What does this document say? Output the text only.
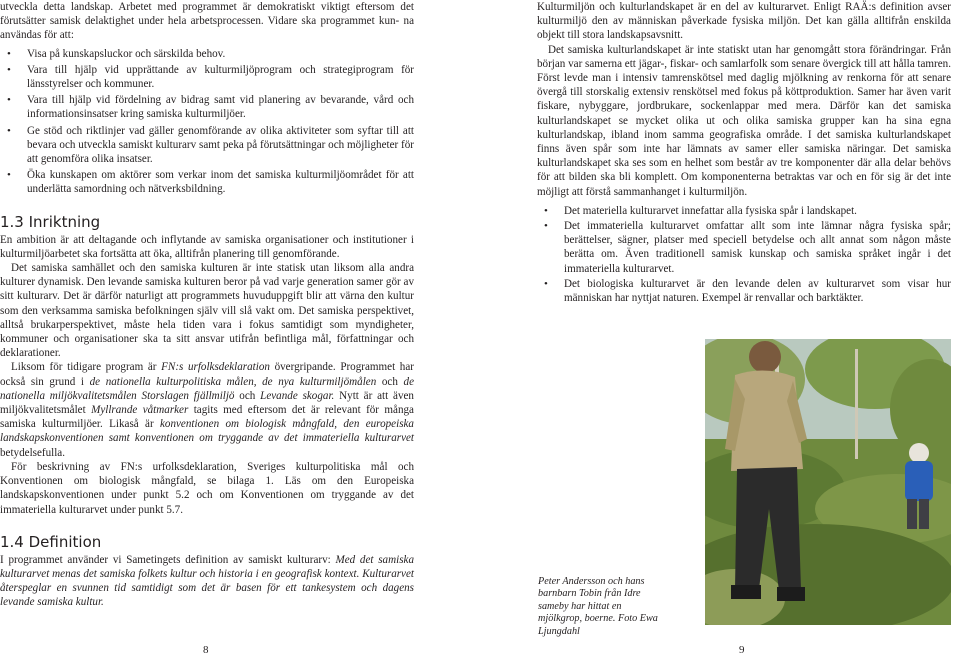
utveckla detta landskap. Arbetet med programmet är demokratiskt viktigt eftersom det förutsätter samisk delaktighet under hela arbetsprocessen. Vidare ska programmet kun- na användas för att:

• Visa på kunskapsluckor och särskilda behov.
• Vara till hjälp vid upprättande av kulturmiljöprogram och strategiprogram för länsstyrelser och kommuner.
• Vara till hjälp vid fördelning av bidrag samt vid planering av bevarande, vård och informationsinsatser kring samiska kulturmiljöer.
• Ge stöd och riktlinjer vad gäller genomförande av olika aktiviteter som syftar till att bevara och utveckla samiskt kulturarv samt peka på förutsättningar och möjligheter för att genomföra olika insatser.
• Öka kunskapen om aktörer som verkar inom det samiska kulturmiljöområdet för att underlätta samordning och nätverksbildning.
1.3 Inriktning

En ambition är att deltagande och inflytande av samiska organisationer och institutioner i kulturmiljöarbetet ska fortsätta att öka, alltifrån planering till genomförande.

Det samiska samhället och den samiska kulturen är inte statisk utan liksom alla andra kulturer dynamisk. Den levande samiska kulturen beror på vad varje generation samer gör av sitt kulturarv. Det är därför naturligt att programmets huvuduppgift blir att värna den kultur som den verksamma samiska befolkningen själv vill slå vakt om. Det samiska perspektivet, alltså brukarperspektivet, måste hela tiden vara i fokus samtidigt som myndigheter, kommuner och organisationer ska ta sitt ansvar utifrån befintliga mål, författningar och deklarationer.

Liksom för tidigare program är FN:s urfolksdeklaration övergripande. Programmet har också sin grund i de nationella kulturpolitiska målen, de nya kulturmiljömålen och de nationella miljökvalitetsmålen Storslagen fjällmiljö och Levande skogar. Nytt är att även miljökvalitetsmålet Myllrande våtmarker tagits med eftersom det är relevant för många samiska kulturmiljöer. Likaså är konventionen om biologisk mångfald, den europeiska landskapskonventionen samt konventionen om tryggande av det immateriella kulturarvet betydelsefulla.

För beskrivning av FN:s urfolksdeklaration, Sveriges kulturpolitiska mål och Konventionen om biologisk mångfald, se bilaga 1. Läs om den Europeiska landskapskonventionen under punkt 5.2 och om Konventionen om tryggande av det immateriella kulturarvet under punkt 5.7.

1.4 Definition

I programmet använder vi Sametingets definition av samiskt kulturarv: Med det samiska kulturarvet menas det samiska folkets kultur och historia i en geografisk kontext. Kulturarvet återspeglar en svunnen tid samtidigt som det är basen för ett tankesystem och dagens levande samiska kultur.

8

Kulturmiljön och kulturlandskapet är en del av kulturarvet. Enligt RAÄ:s definition avser kulturmiljö den av människan påverkade fysiska miljön. Det kan gälla alltifrån enskilda objekt till stora landskapsavsnitt.

Det samiska kulturlandskapet är inte statiskt utan har genomgått stora förändringar. Från början var samerna ett jägar-, fiskar- och samlarfolk som senare övergick till att hålla tamren. Först levde man i intensiv tamrenskötsel med daglig mjölkning av renkorna för att senare övergå till storskalig extensiv renskötsel med fokus på köttproduktion. Samer har även varit fiskare, nybyggare, jordbrukare, sockenlappar med mera. Därför kan det samiska kulturlandskapet se mycket olika ut och olika samiska grupper kan ha sina egna kulturlandskap, ibland inom samma geografiska område. I det samiska kulturlandskapet finns även spår som inte har lämnats av samer eller samiska näringar. Det samiska kulturlandskapet ska ses som en helhet som består av tre komponenter där alla delar behövs för att bilden ska bli komplett. Om komponenterna betraktas var och en för sig är det inte möjligt att förstå sammanhanget i kulturmiljön.

• Det materiella kulturarvet innefattar alla fysiska spår i landskapet.
• Det immateriella kulturarvet omfattar allt som inte lämnar några fysiska spår; berättelser, sägner, platser med speciell betydelse och allt annat som någon måste berätta om. Även traditionell samisk kunskap och samiska språket ingår i det immateriella kulturarvet.
• Det biologiska kulturarvet är den levande delen av kulturarvet som visar hur människan har nyttjat naturen. Exempel är renvallar och barktäkter.
Peter Andersson och hans barnbarn Tobin från Idre sameby har hittat en mjölkgrop, boerne. Foto Ewa Ljungdahl
9
